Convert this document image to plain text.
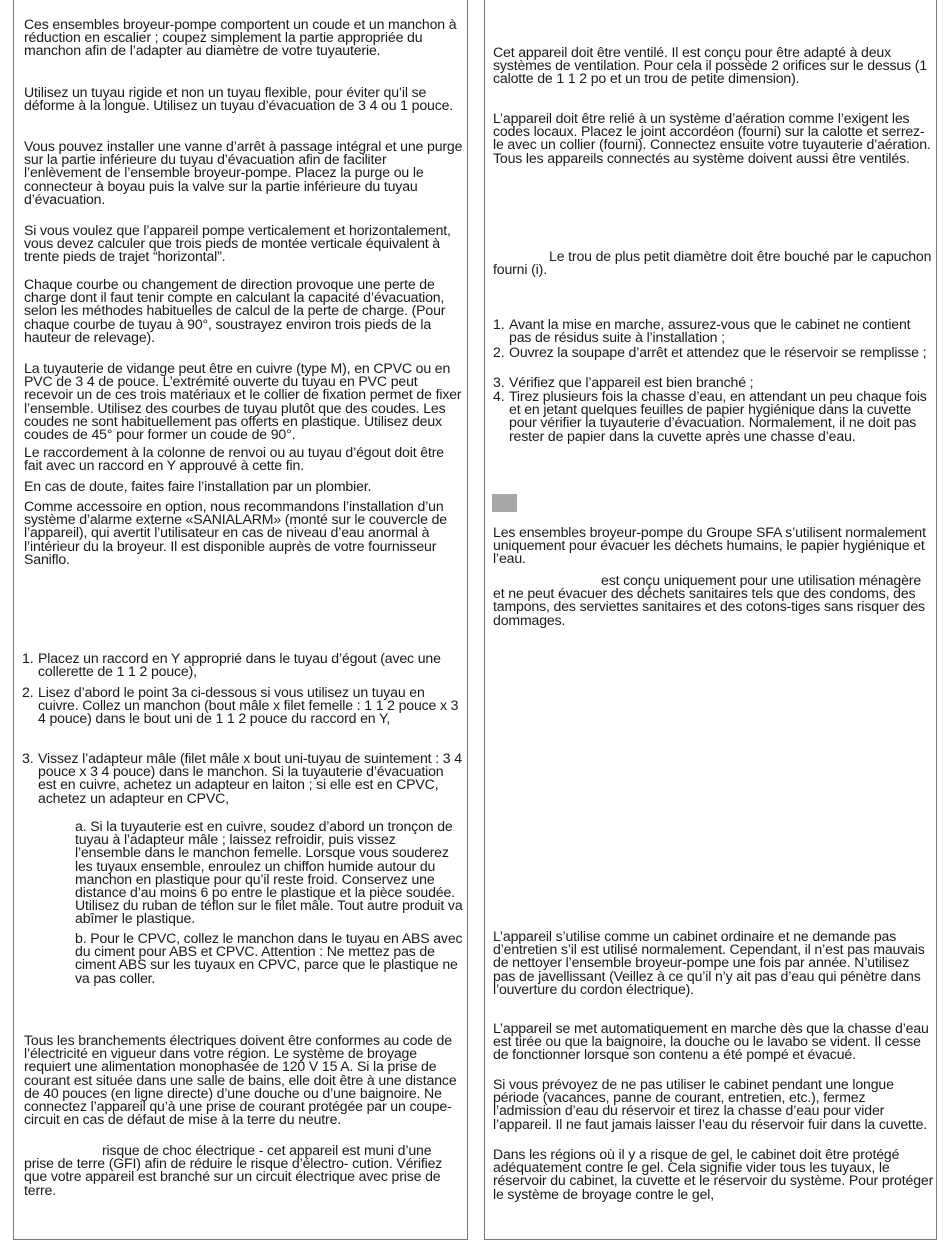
Ces ensembles broyeur-pompe comportent un coude et un manchon à réduction en escalier ; coupez simplement la partie appropriée du manchon afin de l’adapter au diamètre de votre tuyauterie.

Utilisez un tuyau rigide et non un tuyau flexible, pour éviter qu’il se déforme à la longue. Utilisez un tuyau d’évacuation de 3 4 ou 1 pouce.

Vous pouvez installer une vanne d’arrêt à passage intégral et une purge sur la partie inférieure du tuyau d’évacuation afin de faciliter l’enlèvement de l’ensemble broyeur-pompe. Placez la purge ou le connecteur à boyau puis la valve sur la partie inférieure du tuyau d’évacuation.

Si vous voulez que l’appareil pompe verticalement et horizontalement, vous devez calculer que trois pieds de montée verticale équivalent à trente pieds de trajet “horizontal”.

Chaque courbe ou changement de direction provoque une perte de charge dont il faut tenir compte en calculant la capacité d’évacuation, selon les méthodes habituelles de calcul de la perte de charge. (Pour chaque courbe de tuyau à 90°, soustrayez environ trois pieds de la hauteur de relevage).

La tuyauterie de vidange peut être en cuivre (type M), en CPVC ou en PVC de 3 4 de pouce. L’extrémité ouverte du tuyau en PVC peut recevoir un de ces trois matériaux et le collier de fixation permet de fixer l’ensemble. Utilisez des courbes de tuyau plutôt que des coudes. Les coudes ne sont habituellement pas offerts en plastique. Utilisez deux coudes de 45° pour former un coude de 90°.

Le raccordement à la colonne de renvoi ou au tuyau d’égout doit être fait avec un raccord en Y approuvé à cette fin.

En cas de doute, faites faire l’installation par un plombier.

Comme accessoire en option, nous recommandons l’installation d’un système d’alarme externe «SANIALARM» (monté sur le couvercle de l’appareil), qui avertit l’utilisateur en cas de niveau d’eau anormal à l’intérieur du la broyeur. Il est disponible auprès de votre fournisseur Saniflo.

1. Placez un raccord en Y approprié dans le tuyau d’égout (avec une collerette de 1 1 2 pouce),
2. Lisez d’abord le point 3a ci-dessous si vous utilisez un tuyau en cuivre. Collez un manchon (bout mâle x filet femelle : 1 1 2 pouce x 3 4 pouce) dans le bout uni de 1 1 2 pouce du raccord en Y,
3. Vissez l’adapteur mâle (filet mâle x bout uni-tuyau de suintement : 3 4 pouce x 3 4 pouce) dans le manchon. Si la tuyauterie d’évacuation est en cuivre, achetez un adapteur en laiton ; si elle est en CPVC, achetez un adapteur en CPVC,

a. Si la tuyauterie est en cuivre, soudez d’abord un tronçon de tuyau à l’adapteur mâle ; laissez refroidir, puis vissez l’ensemble dans le manchon femelle. Lorsque vous souderez les tuyaux ensemble, enroulez un chiffon humide autour du manchon en plastique pour qu’il reste froid. Conservez une distance d’au moins 6 po entre le plastique et la pièce soudée. Utilisez du ruban de téflon sur le filet mâle. Tout autre produit va abîmer le plastique.

b. Pour le CPVC, collez le manchon dans le tuyau en ABS avec du ciment pour ABS et CPVC. Attention : Ne mettez pas de ciment ABS sur les tuyaux en CPVC, parce que le plastique ne va pas coller.

Tous les branchements électriques doivent être conformes au code de l’électricité en vigueur dans votre région. Le système de broyage requiert une alimentation monophasée de 120 V 15 A. Si la prise de courant est située dans une salle de bains, elle doit être à une distance de 40 pouces (en ligne directe) d’une douche ou d’une baignoire. Ne connectez l’appareil qu’à une prise de courant protégée par un coupe-circuit en cas de défaut de mise à la terre du neutre.

risque de choc électrique - cet appareil est muni d’une prise de terre (GFI) afin de réduire le risque d’électro- cution. Vérifiez que votre appareil est branché sur un circuit électrique avec prise de terre.

Cet appareil doit être ventilé. Il est conçu pour être adapté à deux systèmes de ventilation. Pour cela il possède 2 orifices sur le dessus (1 calotte de 1 1 2 po et un trou de petite dimension).

L’appareil doit être relié à un système d’aération comme l’exigent les codes locaux. Placez le joint accordéon (fourni) sur la calotte et serrez-le avec un collier (fourni). Connectez ensuite votre tuyauterie d’aération. Tous les appareils connectés au système doivent aussi être ventilés.

Le trou de plus petit diamètre doit être bouché par le capuchon fourni (i).

1. Avant la mise en marche, assurez-vous que le cabinet ne contient pas de résidus suite à l’installation ;
2. Ouvrez la soupape d’arrêt et attendez que le réservoir se remplisse ;
3. Vérifiez que l’appareil est bien branché ;
4. Tirez plusieurs fois la chasse d’eau, en attendant un peu chaque fois et en jetant quelques feuilles de papier hygiénique dans la cuvette pour vérifier la tuyauterie d’évacuation. Normalement, il ne doit pas rester de papier dans la cuvette après une chasse d’eau.

Les ensembles broyeur-pompe du Groupe SFA s’utilisent normalement uniquement pour évacuer les déchets humains, le papier hygiénique et l’eau.

est conçu uniquement pour une utilisation ménagère et ne peut évacuer des déchets sanitaires tels que des condoms, des tampons, des serviettes sanitaires et des cotons-tiges sans risquer des dommages.

L’appareil s’utilise comme un cabinet ordinaire et ne demande pas d’entretien s’il est utilisé normalement. Cependant, il n’est pas mauvais de nettoyer l’ensemble broyeur-pompe une fois par année. N’utilisez pas de javellissant (Veillez à ce qu’il n’y ait pas d’eau qui pénètre dans l’ouverture du cordon électrique).

L’appareil se met automatiquement en marche dès que la chasse d’eau est tirée ou que la baignoire, la douche ou le lavabo se vident. Il cesse de fonctionner lorsque son contenu a été pompé et évacué.

Si vous prévoyez de ne pas utiliser le cabinet pendant une longue période (vacances, panne de courant, entretien, etc.), fermez l’admission d’eau du réservoir et tirez la chasse d’eau pour vider l’appareil. Il ne faut jamais laisser l’eau du réservoir fuir dans la cuvette.

Dans les régions où il y a risque de gel, le cabinet doit être protégé adéquatement contre le gel. Cela signifie vider tous les tuyaux, le réservoir du cabinet, la cuvette et le réservoir du système. Pour protéger le système de broyage contre le gel,
